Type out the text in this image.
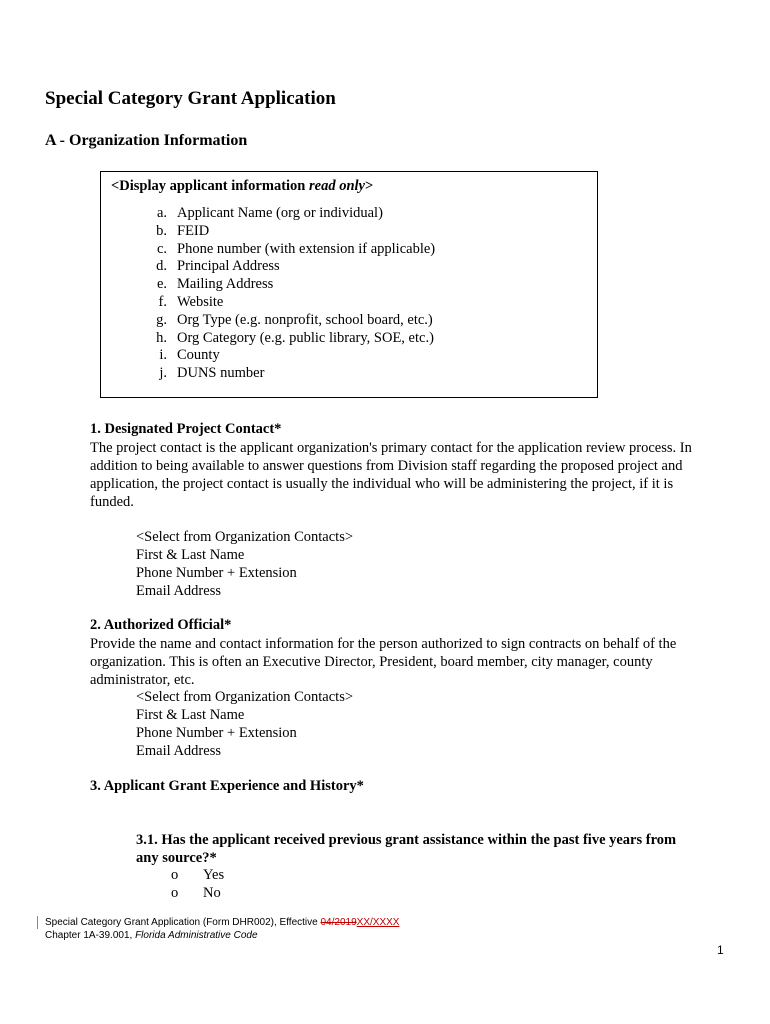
Special Category Grant Application
A - Organization Information
<Display applicant information read only>
a. Applicant Name (org or individual)
b. FEID
c. Phone number (with extension if applicable)
d. Principal Address
e. Mailing Address
f. Website
g. Org Type (e.g. nonprofit, school board, etc.)
h. Org Category (e.g. public library, SOE, etc.)
i. County
j. DUNS number
1. Designated Project Contact*
The project contact is the applicant organization's primary contact for the application review process. In
addition to being available to answer questions from Division staff regarding the proposed project and
application, the project contact is usually the individual who will be administering the project, if it is
funded.
<Select from Organization Contacts>
First & Last Name
Phone Number + Extension
Email Address
2. Authorized Official*
Provide the name and contact information for the person authorized to sign contracts on behalf of the
organization. This is often an Executive Director, President, board member, city manager, county
administrator, etc.
<Select from Organization Contacts>
First & Last Name
Phone Number + Extension
Email Address
3. Applicant Grant Experience and History*
3.1. Has the applicant received previous grant assistance within the past five years from
any source?*
o Yes
o No
Special Category Grant Application (Form DHR002), Effective 04/2019XX/XXXX
Chapter 1A-39.001, Florida Administrative Code
1
